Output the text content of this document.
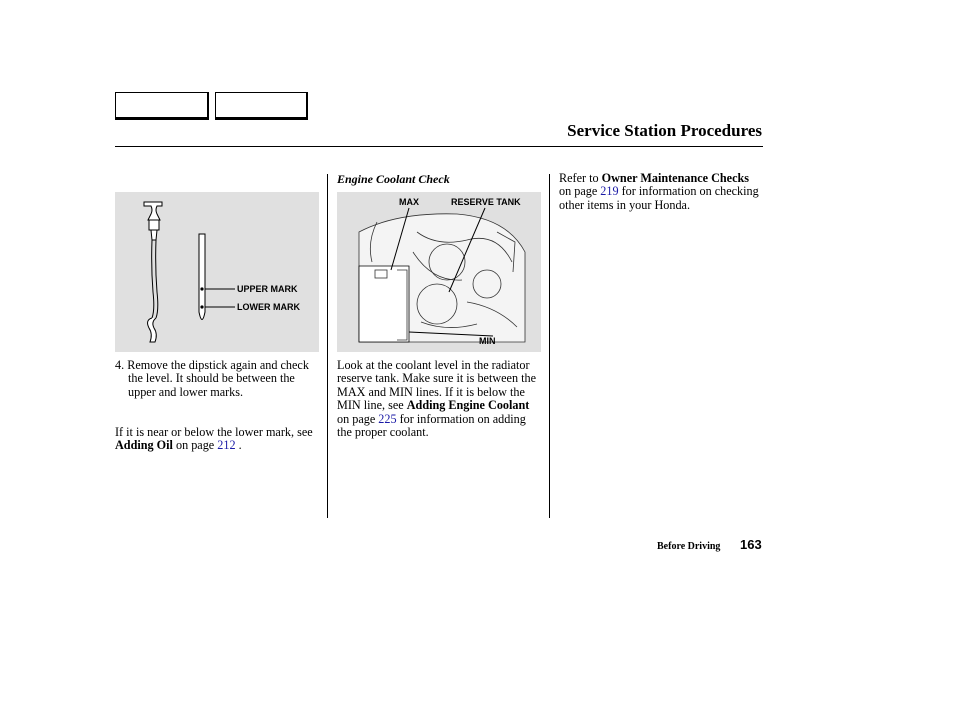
Service Station Procedures
UPPER MARK
LOWER MARK

4. Remove the dipstick again and check the level. It should be between the upper and lower marks.

If it is near or below the lower mark, see Adding Oil on page 212 .

Engine Coolant Check
MAX	RESERVE TANK
MIN

Look at the coolant level in the radiator reserve tank. Make sure it is between the MAX and MIN lines. If it is below the MIN line, see Adding Engine Coolant on page 225 for information on adding the proper coolant.

Refer to Owner Maintenance Checks on page 219 for information on checking other items in your Honda.

Before Driving 163
